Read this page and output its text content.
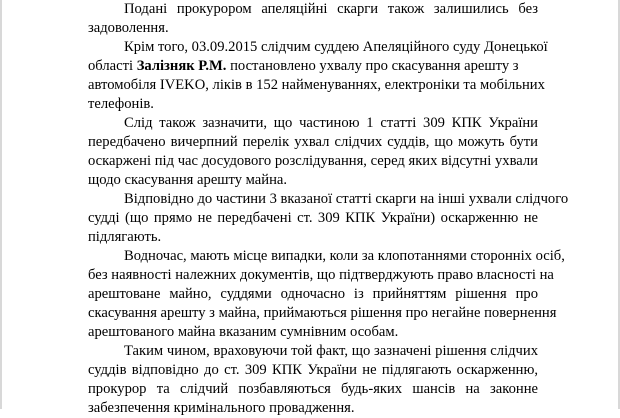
Подані прокурором апеляційні скарги також залишились без
задоволення.
Крім того, 03.09.2015 слідчим суддею Апеляційного суду Донецької
області Залізняк Р.М. постановлено ухвалу про скасування арешту з
автомобіля IVEKO, ліків в 152 найменуваннях, електроніки та мобільних
телефонів.
Слід також зазначити, що частиною 1 статті 309 КПК України
передбачено вичерпний перелік ухвал слідчих суддів, що можуть бути
оскаржені під час досудового розслідування, серед яких відсутні ухвали
щодо скасування арешту майна.
Відповідно до частини 3 вказаної статті скарги на інші ухвали слідчого
судді (що прямо не передбачені ст. 309 КПК України) оскарженню не
підлягають.
Водночас, мають місце випадки, коли за клопотаннями сторонніх осіб,
без наявності належних документів, що підтверджують право власності на
арештоване майно, суддями одночасно із прийняттям рішення про
скасування арешту з майна, приймаються рішення про негайне повернення
арештованого майна вказаним сумнівним особам.
Таким чином, враховуючи той факт, що зазначені рішення слідчих
суддів відповідно до ст. 309 КПК України не підлягають оскарженню,
прокурор та слідчий позбавляються будь-яких шансів на законне
забезпечення кримінального провадження.
